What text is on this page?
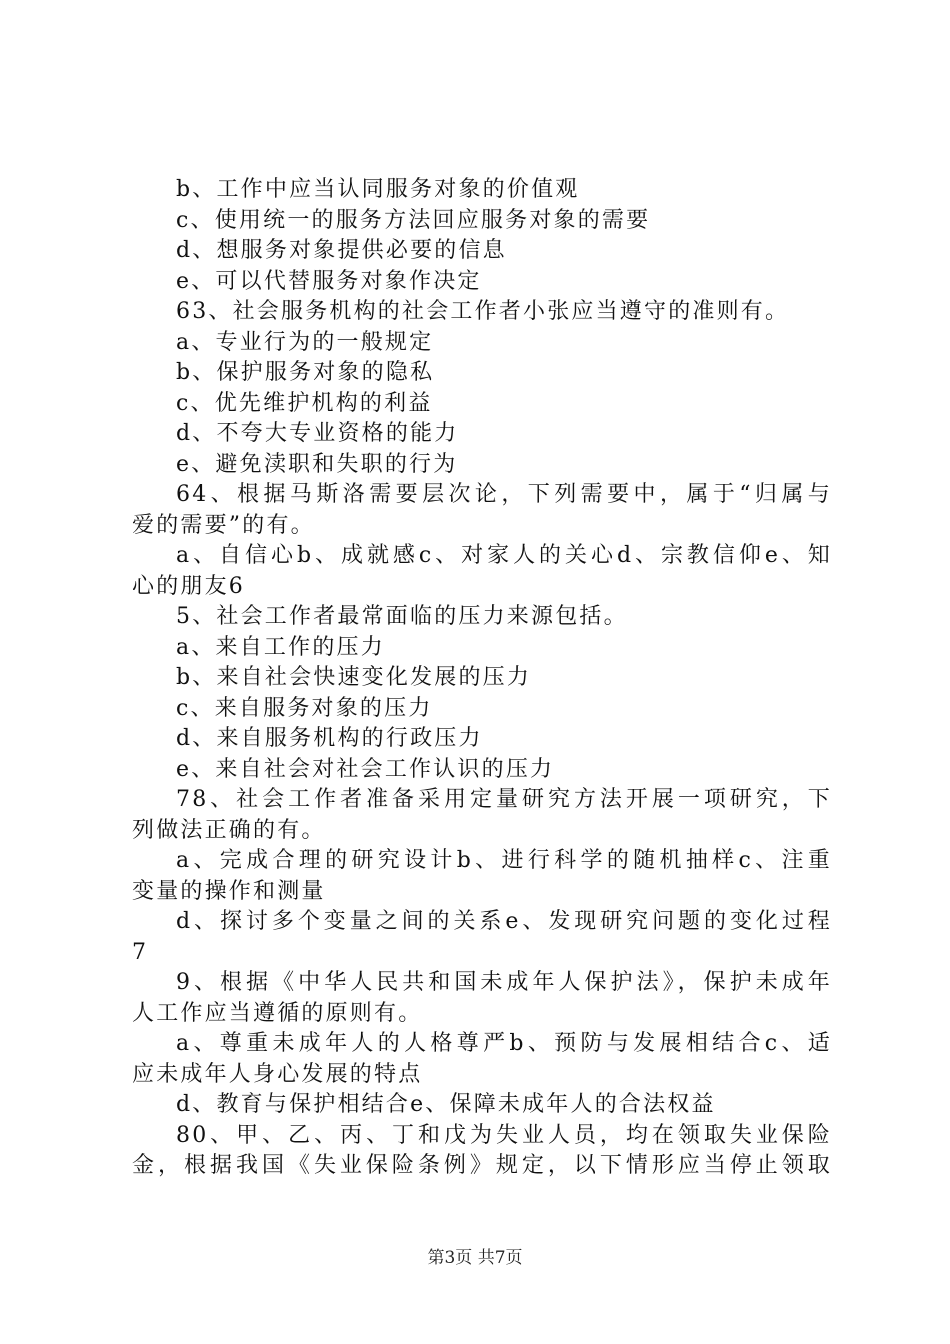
b、工作中应当认同服务对象的价值观
c、使用统一的服务方法回应服务对象的需要
d、想服务对象提供必要的信息
e、可以代替服务对象作决定
63、社会服务机构的社会工作者小张应当遵守的准则有。
a、专业行为的一般规定
b、保护服务对象的隐私
c、优先维护机构的利益
d、不夸大专业资格的能力
e、避免渎职和失职的行为
64、根据马斯洛需要层次论，下列需要中，属于“归属与
爱的需要”的有。
a、自信心b、成就感c、对家人的关心d、宗教信仰e、知
心的朋友6
5、社会工作者最常面临的压力来源包括。
a、来自工作的压力
b、来自社会快速变化发展的压力
c、来自服务对象的压力
d、来自服务机构的行政压力
e、来自社会对社会工作认识的压力
78、社会工作者准备采用定量研究方法开展一项研究，下
列做法正确的有。
a、完成合理的研究设计b、进行科学的随机抽样c、注重
变量的操作和测量
d、探讨多个变量之间的关系e、发现研究问题的变化过程
7
9、根据《中华人民共和国未成年人保护法》，保护未成年
人工作应当遵循的原则有。
a、尊重未成年人的人格尊严b、预防与发展相结合c、适
应未成年人身心发展的特点
d、教育与保护相结合e、保障未成年人的合法权益
80、甲、乙、丙、丁和戊为失业人员，均在领取失业保险
金，根据我国《失业保险条例》规定，以下情形应当停止领取
第3页 共7页
